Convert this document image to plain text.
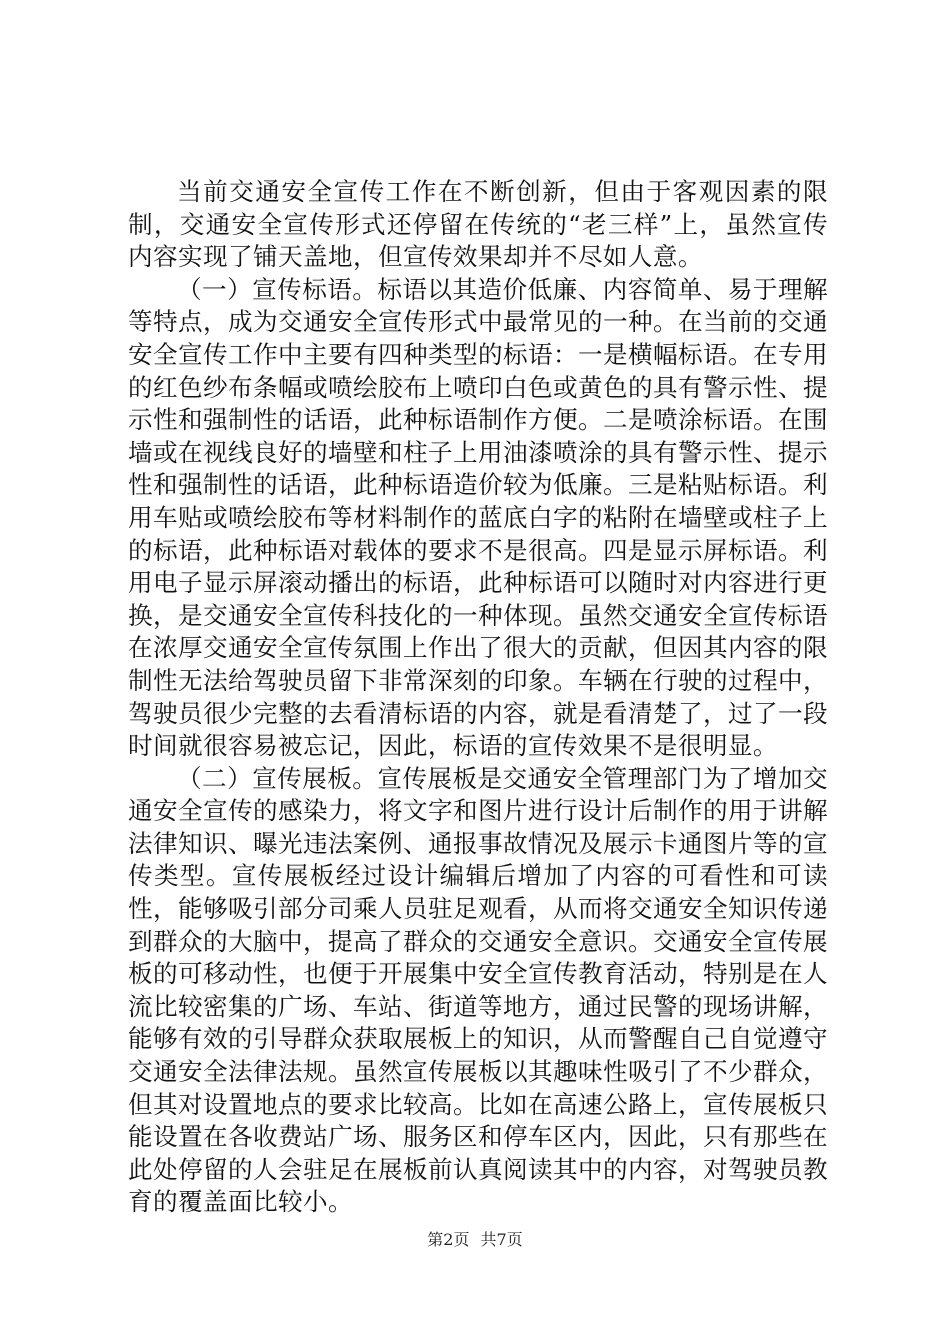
当前交通安全宣传工作在不断创新，但由于客观因素的限制，交通安全宣传形式还停留在传统的“老三样”上，虽然宣传内容实现了铺天盖地，但宣传效果却并不尽如人意。

（一）宣传标语。标语以其造价低廉、内容简单、易于理解等特点，成为交通安全宣传形式中最常见的一种。在当前的交通安全宣传工作中主要有四种类型的标语：一是横幅标语。在专用的红色纱布条幅或喷绘胶布上喷印白色或黄色的具有警示性、提示性和强制性的话语，此种标语制作方便。二是喷涂标语。在围墙或在视线良好的墙壁和柱子上用油漆喷涂的具有警示性、提示性和强制性的话语，此种标语造价较为低廉。三是粘贴标语。利用车贴或喷绘胶布等材料制作的蓝底白字的粘附在墙壁或柱子上的标语，此种标语对载体的要求不是很高。四是显示屏标语。利用电子显示屏滚动播出的标语，此种标语可以随时对内容进行更换，是交通安全宣传科技化的一种体现。虽然交通安全宣传标语在浓厚交通安全宣传氛围上作出了很大的贡献，但因其内容的限制性无法给驾驶员留下非常深刻的印象。车辆在行驶的过程中，驾驶员很少完整的去看清标语的内容，就是看清楚了，过了一段时间就很容易被忘记，因此，标语的宣传效果不是很明显。

（二）宣传展板。宣传展板是交通安全管理部门为了增加交通安全宣传的感染力，将文字和图片进行设计后制作的用于讲解法律知识、曝光违法案例、通报事故情况及展示卡通图片等的宣传类型。宣传展板经过设计编辑后增加了内容的可看性和可读性，能够吸引部分司乘人员驻足观看，从而将交通安全知识传递到群众的大脑中，提高了群众的交通安全意识。交通安全宣传展板的可移动性，也便于开展集中安全宣传教育活动，特别是在人流比较密集的广场、车站、街道等地方，通过民警的现场讲解，能够有效的引导群众获取展板上的知识，从而警醒自己自觉遵守交通安全法律法规。虽然宣传展板以其趣味性吸引了不少群众，但其对设置地点的要求比较高。比如在高速公路上，宣传展板只能设置在各收费站广场、服务区和停车区内，因此，只有那些在此处停留的人会驻足在展板前认真阅读其中的内容，对驾驶员教育的覆盖面比较小。

第2页 共7页
